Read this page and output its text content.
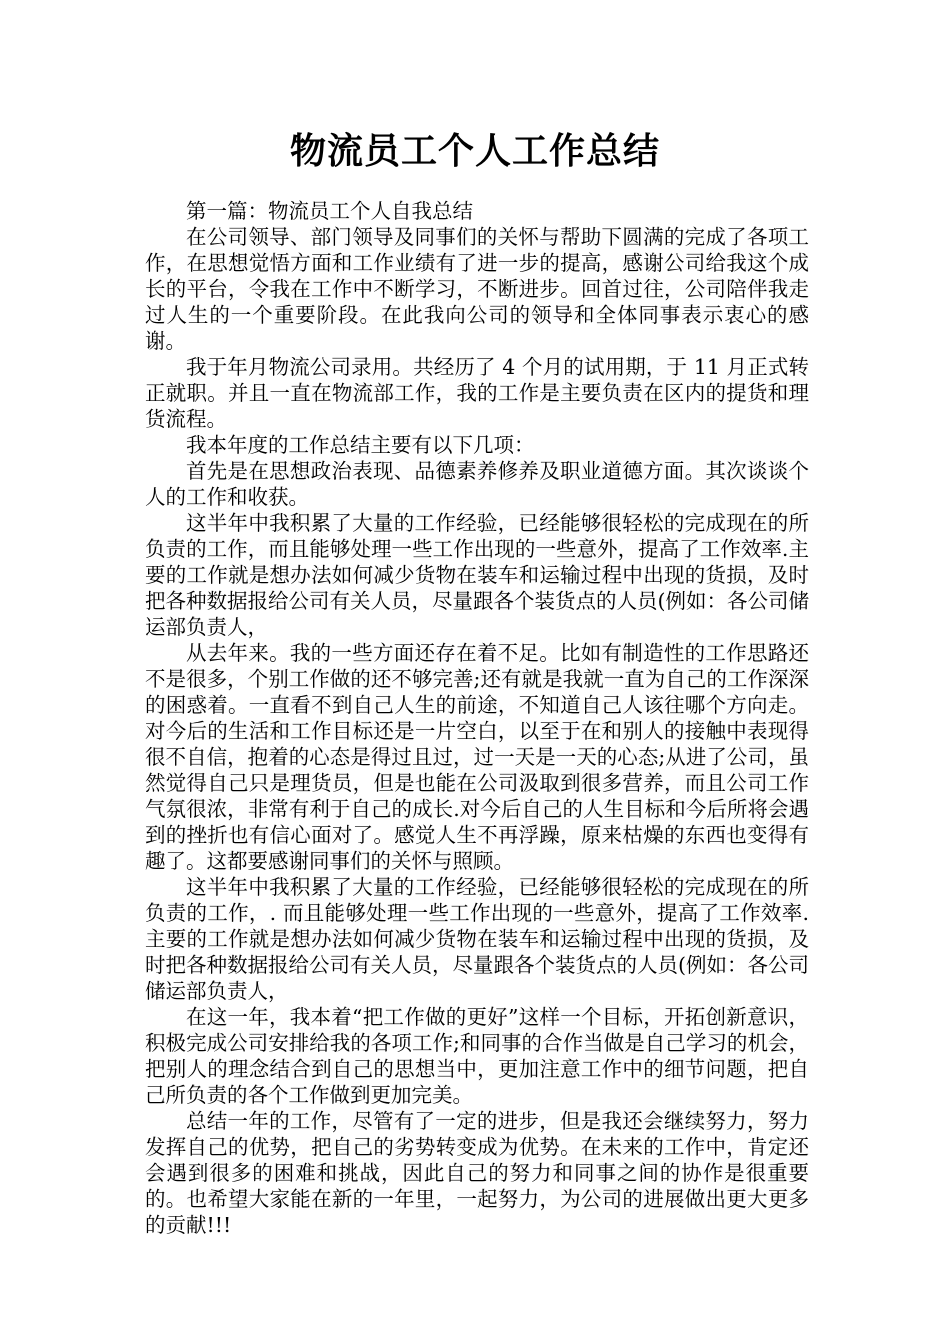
物流员工个人工作总结

第一篇：物流员工个人自我总结

在公司领导、部门领导及同事们的关怀与帮助下圆满的完成了各项工作，在思想觉悟方面和工作业绩有了进一步的提高，感谢公司给我这个成长的平台，令我在工作中不断学习，不断进步。回首过往，公司陪伴我走过人生的一个重要阶段。在此我向公司的领导和全体同事表示衷心的感谢。

我于年月物流公司录用。共经历了 4 个月的试用期，于 11 月正式转正就职。并且一直在物流部工作，我的工作是主要负责在区内的提货和理货流程。

我本年度的工作总结主要有以下几项：

首先是在思想政治表现、品德素养修养及职业道德方面。其次谈谈个人的工作和收获。

这半年中我积累了大量的工作经验，已经能够很轻松的完成现在的所负责的工作，而且能够处理一些工作出现的一些意外，提高了工作效率.主要的工作就是想办法如何减少货物在装车和运输过程中出现的货损，及时把各种数据报给公司有关人员，尽量跟各个装货点的人员(例如：各公司储运部负责人，

从去年来。我的一些方面还存在着不足。比如有制造性的工作思路还不是很多，个别工作做的还不够完善;还有就是我就一直为自己的工作深深的困惑着。一直看不到自己人生的前途，不知道自己人该往哪个方向走。对今后的生活和工作目标还是一片空白，以至于在和别人的接触中表现得很不自信，抱着的心态是得过且过，过一天是一天的心态;从进了公司，虽然觉得自己只是理货员，但是也能在公司汲取到很多营养，而且公司工作气氛很浓，非常有利于自己的成长.对今后自己的人生目标和今后所将会遇到的挫折也有信心面对了。感觉人生不再浮躁，原来枯燥的东西也变得有趣了。这都要感谢同事们的关怀与照顾。

这半年中我积累了大量的工作经验，已经能够很轻松的完成现在的所负责的工作，. 而且能够处理一些工作出现的一些意外，提高了工作效率.主要的工作就是想办法如何减少货物在装车和运输过程中出现的货损，及时把各种数据报给公司有关人员，尽量跟各个装货点的人员(例如：各公司储运部负责人，

在这一年，我本着“把工作做的更好”这样一个目标，开拓创新意识，积极完成公司安排给我的各项工作;和同事的合作当做是自己学习的机会，把别人的理念结合到自己的思想当中，更加注意工作中的细节问题，把自己所负责的各个工作做到更加完美。

总结一年的工作，尽管有了一定的进步，但是我还会继续努力，努力发挥自己的优势，把自己的劣势转变成为优势。在未来的工作中，肯定还会遇到很多的困难和挑战，因此自己的努力和同事之间的协作是很重要的。也希望大家能在新的一年里，一起努力，为公司的进展做出更大更多的贡献!!!
